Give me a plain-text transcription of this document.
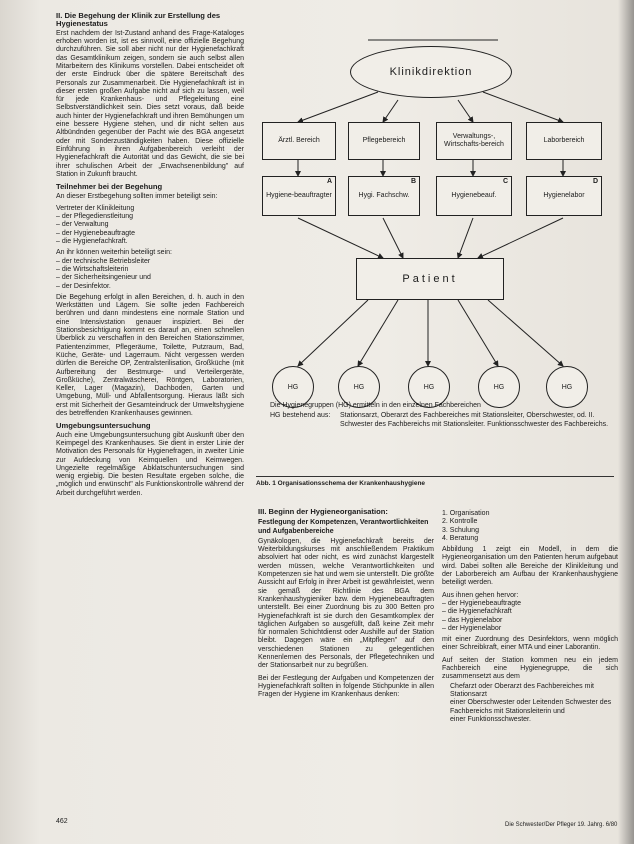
II. Die Begehung der Klinik zur Erstellung des Hygienestatus

Erst nachdem der Ist-Zustand anhand des Frage-Kataloges erhoben worden ist, ist es sinnvoll, eine offizielle Begehung durchzuführen. Sie soll aber nicht nur der Hygienefachkraft das Gesamtklinikum zeigen, sondern sie auch selbst allen Mitarbeitern des Klinikums vorstellen. Dabei entscheidet oft der erste Eindruck über die spätere Bereitschaft des Personals zur Zusammenarbeit. Die Hygienefachkraft ist in dieser ersten großen Aufgabe nicht auf sich zu lassen, weil für jede Krankenhaus- und Pflegeleitung eine Selbstverständlichkeit sein. Dies setzt voraus, daß beide auch hinter der Hygienefachkraft und ihren Bemühungen um eine bessere Hygiene stehen, und dir nicht selten aus Altbündnden gegenüber der Pacht wie des BGA angesetzt oder mit Sonderzuständigkeiten haben. Diese offizielle Einführung in ihren Aufgabenbereich verleiht der Hygienefachkraft die Autorität und das Gewicht, die sie bei ihrer schulischen Arbeit der „Erwachsenenbildung" auf Station in Zukunft braucht.

Teilnehmer bei der Begehung

An dieser Erstbegehung sollten immer beteiligt sein:

Vertreter der Klinikleitung
– der Pflegedienstleitung
– der Verwaltung
– der Hygienebeauftragte
– die Hygienefachkraft.
An ihr können weiterhin beteiligt sein:
– der technische Betriebsleiter
– die Wirtschaftsleiterin
– der Sicherheitsingenieur und
– der Desinfektor.

Die Begehung erfolgt in allen Bereichen, d. h. auch in den Werkstätten und Lägern. Sie sollte jeden Fachbereich berühren und dann mindestens eine normale Station und eine Intensivstation genauer inspiziert. Bei der Stationsbesichtigung kommt es darauf an, einen schnellen Überblick zu verschaffen in den Bereichen Stationszimmer, Patientenzimmer, Pflegeräume, Toilette, Putzraum, Bad, Küche, Geräte- und Lagerraum. Nicht vergessen werden dürfen die Bereiche OP, Zentralsterilisation, Großküche (mit Aufbereitung der Bestmurge- und Verteilergeräte, Großküche), Zentralwäscherei, Röntgen, Laboratorien, Keller, Lager (Magazin), Dachboden, Garten und Umgebung, Müll- und Abfallentsorgung. Hieraus läßt sich erst mit Sicherheit der Gesamteindruck der Umweltshygiene des betreffenden Krankenhauses gewinnen.

Umgebungsuntersuchung

Auch eine Umgebungsuntersuchung gibt Auskunft über den Keimpegel des Krankenhauses. Sie dient in erster Linie der Motivation des Personals für Hygienefragen, in zweiter Linie zur Aufdeckung von Keimquellen und Keimwegen. Ungezielte regelmäßige Abklatschuntersuchungen sind wenig ergiebig. Die besten Resultate ergeben solche, die „möglich und erwünscht" als Funktionskontrolle während der Arbeit durchgeführt werden.

Klinikdirektion
Ärztl. Bereich	Pflegebereich
Verwaltungs-, Wirtschafts-bereich
Laborbereich
A
Hygiene-beauftragter
B
Hygi. Fachschw.
C
Hygienebeauf.
D
Hygienelabor
Patient
HG	HG	HG	HG	HG
Die Hygienegruppen (HG) ermitteln in den einzelnen Fachbereichen
HG bestehend aus:	Stationsarzt, Oberarzt des Fachbereiches mit Stationsleiter, Oberschwester, od. II. Schwester des Fachbereichs mit Stationsleiter. Funktionsschwester des Fachbereichs.
Abb. 1 Organisationsschema der Krankenhaushygiene
III. Beginn der Hygieneorganisation:
Festlegung der Kompetenzen, Verantwortlichkeiten und Aufgabenbereiche

Gynäkologen, die Hygienefachkraft bereits der Weiterbildungskurses mit anschließendem Praktikum absolviert hat oder nicht, es wird zunächst klargestellt werden müssen, welche Verantwortlichkeiten und Kompetenzen sie hat und wem sie unterstellt. Die größte Aussicht auf Erfolg in ihrer Arbeit ist gewährleistet, wenn sie gemäß der Richtlinie des BGA dem Krankenhaushygieniker bzw. dem Hygienebeauftragten unterstellt. Bei einer Zuordnung bis zu 300 Betten pro Hygienefachkraft ist sie durch den Gesamtkomplex der täglichen Aufgaben so ausgefüllt, daß keine Zeit mehr für normalen Schichtdienst oder Aushilfe auf der Station bleibt. Dagegen wäre ein „Mitpflegen" auf den verschiedenen Stationen zu gelegentlichen Kennenlernen des Personals, der Pflegetechniken und der Stationsarbeit nur zu begrüßen.

Bei der Festlegung der Aufgaben und Kompetenzen der Hygienefachkraft sollten in folgende Stichpunkte in allen Fragen der Hygiene im Krankenhaus denken:

1. Organisation
2. Kontrolle
3. Schulung
4. Beratung

Abbildung 1 zeigt ein Modell, in dem die Hygieneorganisation um den Patienten herum aufgebaut wird. Dabei sollten alle Bereiche der Klinikleitung und der Laborbereich am Aufbau der Krankenhaushygiene beteiligt werden.

Aus ihnen gehen hervor:
– der Hygienebeauftragte
– die Hygienefachkraft
– das Hygienelabor
– der Hygienelabor

mit einer Zuordnung des Desinfektors, wenn möglich einer Schreibkraft, einer MTA und einer Laborantin.

Auf seiten der Station kommen neu ein jedem Fachbereich eine Hygienegruppe, die sich zusammensetzt aus dem

Chefarzt oder Oberarzt des Fachbereiches mit Stationsarzt
einer Oberschwester oder Leitenden Schwester des Fachbereichs mit Stationsleiterin und
einer Funktionsschwester.
462	Die Schwester/Der Pfleger 19. Jahrg. 6/80
